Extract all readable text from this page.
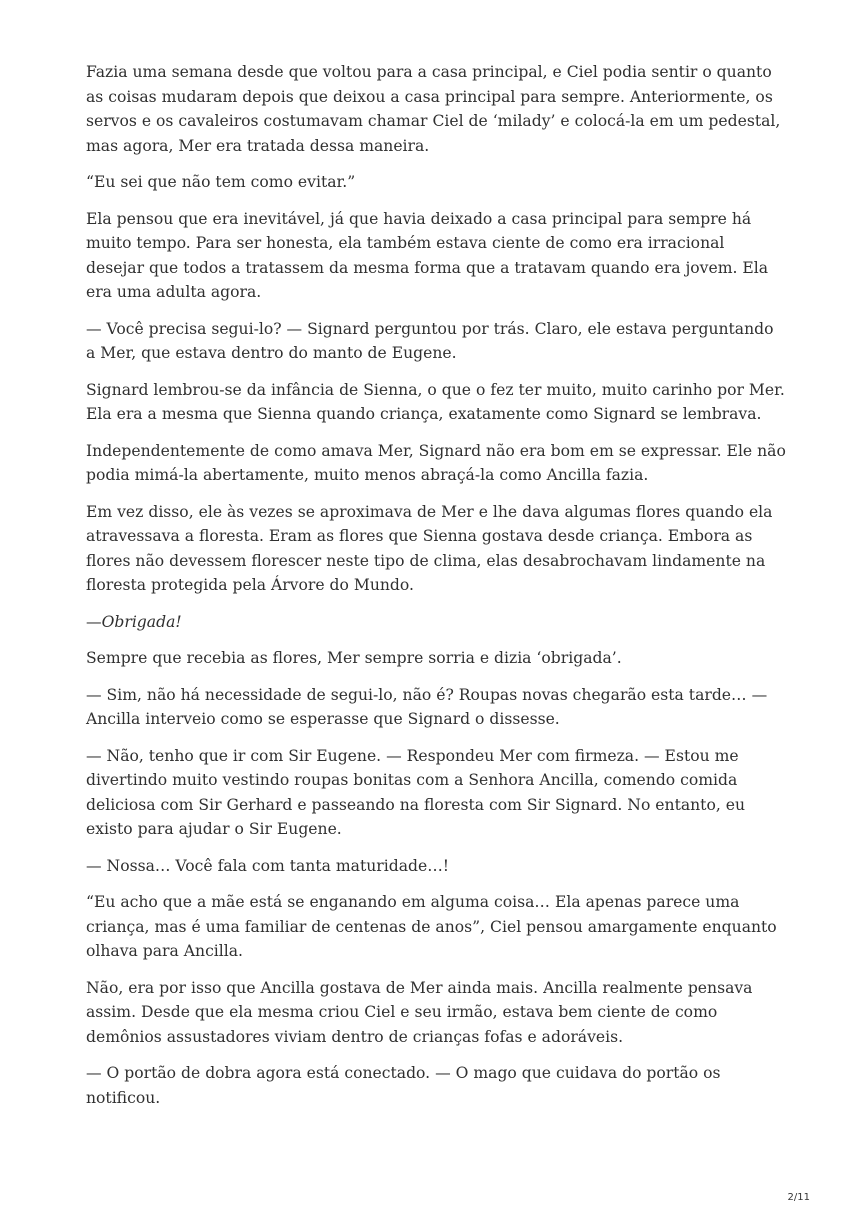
Fazia uma semana desde que voltou para a casa principal, e Ciel podia sentir o quanto as coisas mudaram depois que deixou a casa principal para sempre. Anteriormente, os servos e os cavaleiros costumavam chamar Ciel de ‘milady’ e colocá-la em um pedestal, mas agora, Mer era tratada dessa maneira.

“Eu sei que não tem como evitar.”

Ela pensou que era inevitável, já que havia deixado a casa principal para sempre há muito tempo. Para ser honesta, ela também estava ciente de como era irracional desejar que todos a tratassem da mesma forma que a tratavam quando era jovem. Ela era uma adulta agora.

— Você precisa segui-lo? — Signard perguntou por trás. Claro, ele estava perguntando a Mer, que estava dentro do manto de Eugene.

Signard lembrou-se da infância de Sienna, o que o fez ter muito, muito carinho por Mer. Ela era a mesma que Sienna quando criança, exatamente como Signard se lembrava.

Independentemente de como amava Mer, Signard não era bom em se expressar. Ele não podia mimá-la abertamente, muito menos abraçá-la como Ancilla fazia.

Em vez disso, ele às vezes se aproximava de Mer e lhe dava algumas flores quando ela atravessava a floresta. Eram as flores que Sienna gostava desde criança. Embora as flores não devessem florescer neste tipo de clima, elas desabrochavam lindamente na floresta protegida pela Árvore do Mundo.

—Obrigada!

Sempre que recebia as flores, Mer sempre sorria e dizia ‘obrigada’.

— Sim, não há necessidade de segui-lo, não é? Roupas novas chegarão esta tarde… — Ancilla interveio como se esperasse que Signard o dissesse.

— Não, tenho que ir com Sir Eugene. — Respondeu Mer com firmeza. — Estou me divertindo muito vestindo roupas bonitas com a Senhora Ancilla, comendo comida deliciosa com Sir Gerhard e passeando na floresta com Sir Signard. No entanto, eu existo para ajudar o Sir Eugene.

— Nossa… Você fala com tanta maturidade…!

“Eu acho que a mãe está se enganando em alguma coisa… Ela apenas parece uma criança, mas é uma familiar de centenas de anos”, Ciel pensou amargamente enquanto olhava para Ancilla.

Não, era por isso que Ancilla gostava de Mer ainda mais. Ancilla realmente pensava assim. Desde que ela mesma criou Ciel e seu irmão, estava bem ciente de como demônios assustadores viviam dentro de crianças fofas e adoráveis.

— O portão de dobra agora está conectado. — O mago que cuidava do portão os notificou.

2/11
